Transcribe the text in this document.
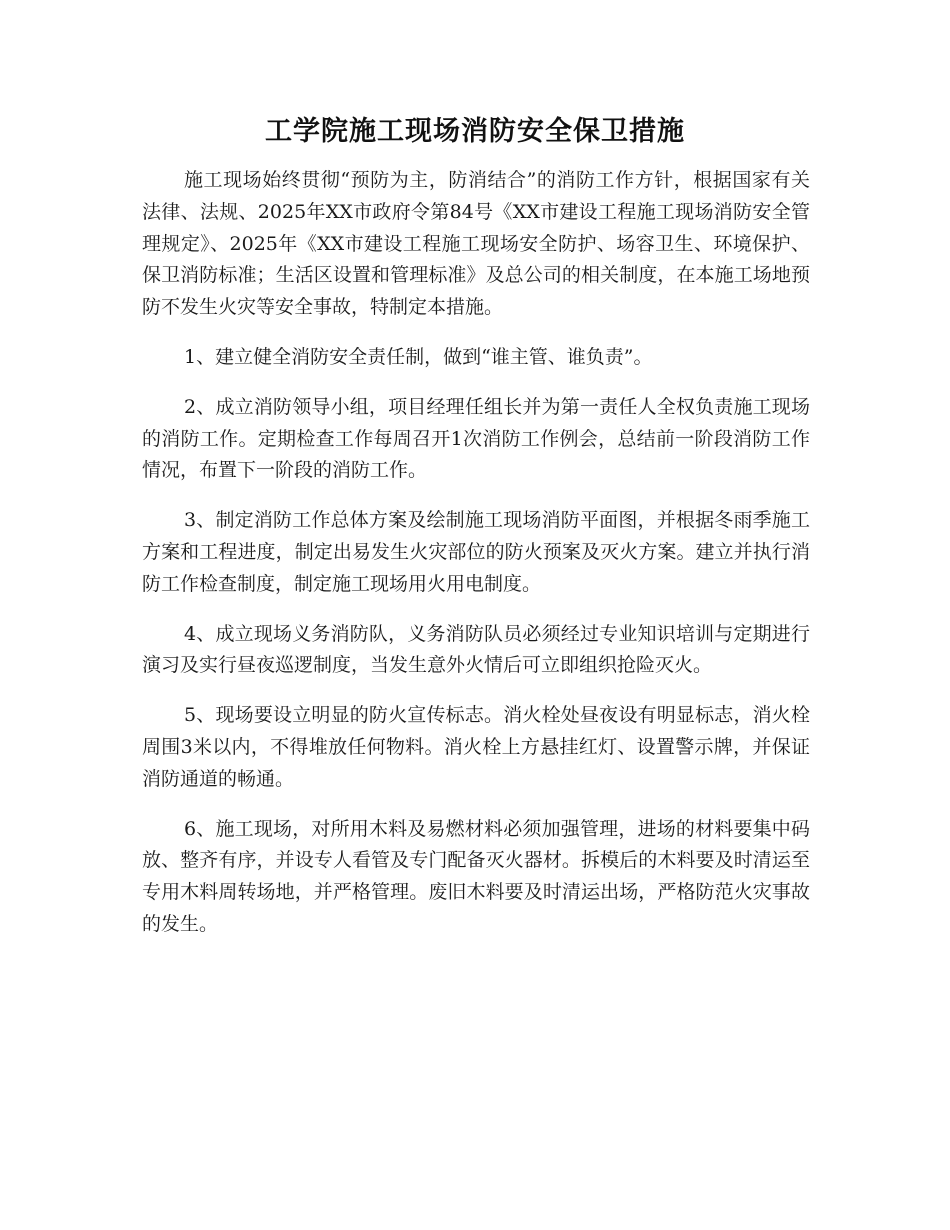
工学院施工现场消防安全保卫措施

施工现场始终贯彻“预防为主，防消结合”的消防工作方针，根据国家有关法律、法规、2025年XX市政府令第84号《XX市建设工程施工现场消防安全管理规定》、2025年《XX市建设工程施工现场安全防护、场容卫生、环境保护、保卫消防标准；生活区设置和管理标准》及总公司的相关制度，在本施工场地预防不发生火灾等安全事故，特制定本措施。

1、建立健全消防安全责任制，做到“谁主管、谁负责”。

2、成立消防领导小组，项目经理任组长并为第一责任人全权负责施工现场的消防工作。定期检查工作每周召开1次消防工作例会，总结前一阶段消防工作情况，布置下一阶段的消防工作。

3、制定消防工作总体方案及绘制施工现场消防平面图，并根据冬雨季施工方案和工程进度，制定出易发生火灾部位的防火预案及灭火方案。建立并执行消防工作检查制度，制定施工现场用火用电制度。

4、成立现场义务消防队，义务消防队员必须经过专业知识培训与定期进行演习及实行昼夜巡逻制度，当发生意外火情后可立即组织抢险灭火。

5、现场要设立明显的防火宣传标志。消火栓处昼夜设有明显标志，消火栓周围3米以内，不得堆放任何物料。消火栓上方悬挂红灯、设置警示牌，并保证消防通道的畅通。

6、施工现场，对所用木料及易燃材料必须加强管理，进场的材料要集中码放、整齐有序，并设专人看管及专门配备灭火器材。拆模后的木料要及时清运至专用木料周转场地，并严格管理。废旧木料要及时清运出场，严格防范火灾事故的发生。
